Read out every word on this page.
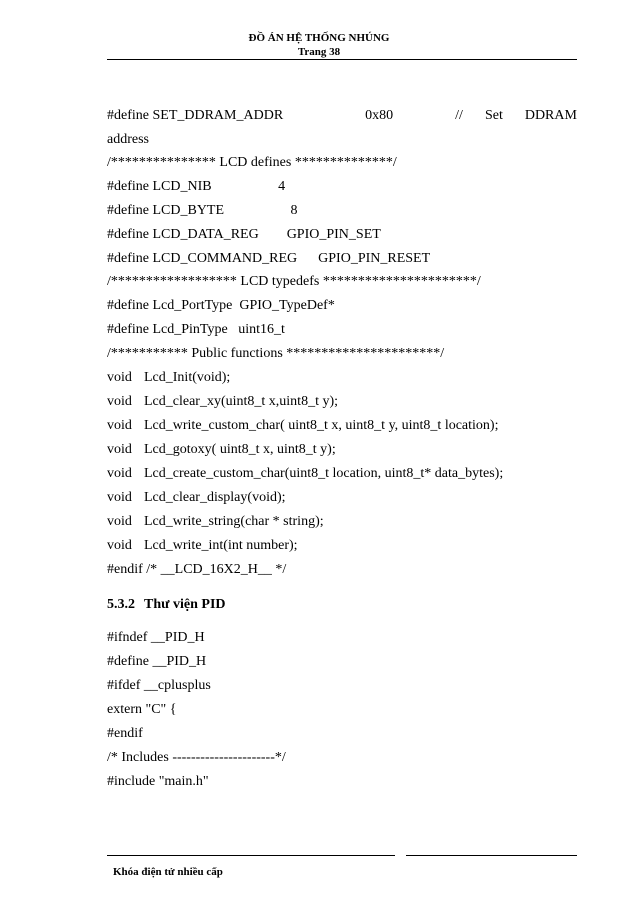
ĐỒ ÁN HỆ THỐNG NHÚNG
Trang 38
#define SET_DDRAM_ADDR	0x80	// Set DDRAM
address
/*************** LCD defines **************/
#define LCD_NIB                   4
#define LCD_BYTE                   8
#define LCD_DATA_REG        GPIO_PIN_SET
#define LCD_COMMAND_REG      GPIO_PIN_RESET
/****************** LCD typedefs **********************/
#define Lcd_PortType  GPIO_TypeDef*
#define Lcd_PinType   uint16_t
/*********** Public functions **********************/
void Lcd_Init(void);
void Lcd_clear_xy(uint8_t x,uint8_t y);
void Lcd_write_custom_char( uint8_t x, uint8_t y, uint8_t location);
void Lcd_gotoxy( uint8_t x, uint8_t y);
void Lcd_create_custom_char(uint8_t location, uint8_t* data_bytes);
void Lcd_clear_display(void);
void Lcd_write_string(char * string);
void Lcd_write_int(int number);
#endif /* __LCD_16X2_H__ */
5.3.2 Thư viện PID
#ifndef __PID_H
#define __PID_H
#ifdef __cplusplus
extern "C" {
#endif
/* Includes ----------------------*/
#include "main.h"
Khóa điện tử nhiều cấp
